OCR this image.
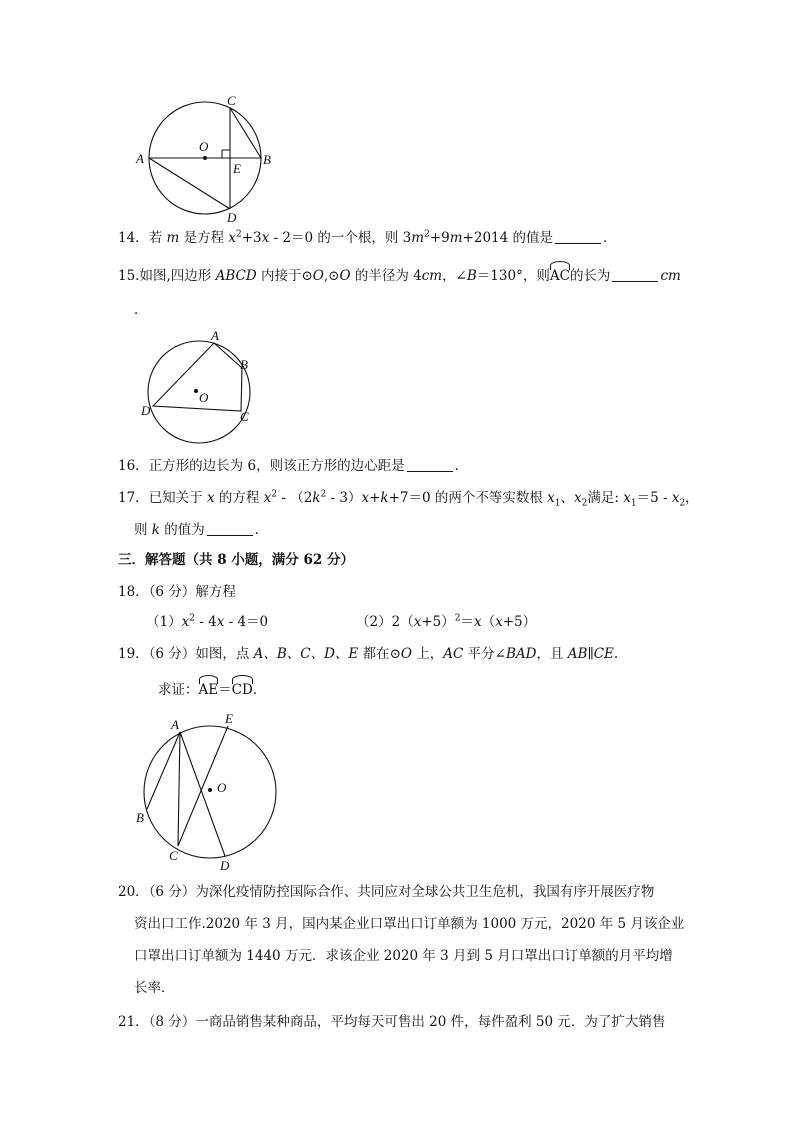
C
O
A	B
E
D
14．若 m 是方程 $x^2+3x - 2=0$ 的一个根，则 $3m^2+9m+2014$ 的值是	．
15.如图,四边形 ABCD 内接于⊙O,⊙O 的半径为 4cm，∠B＝130°，则AC的长为	cm
．
A
B
O
D	C
16．正方形的边长为 6，则该正方形的边心距是	．
17．已知关于 x 的方程 $x^2 - (2k^2 - 3)x+k+7=0$ 的两个不等实数根 $x_1$、$x_2$满足: $x_1=5 - x_2$，
则 k 的值为	．
三．解答题（共 8 小题，满分 62 分）
18．（6 分）解方程
$(1)x^2 - 4x - 4=0$	$(2)2(x+5)^2=x(x+5)$
19．（6 分）如图，点 A、B、C、D、E 都在⊙O 上，AC 平分∠BAD，且 AB∥CE.
求证：AE＝CD.
A	E
O
B
C
D
20．（6 分）为深化疫情防控国际合作、共同应对全球公共卫生危机，我国有序开展医疗物
资出口工作.2020 年 3 月，国内某企业口罩出口订单额为 1000 万元，2020 年 5 月该企业
口罩出口订单额为 1440 万元．求该企业 2020 年 3 月到 5 月口罩出口订单额的月平均增
长率．
21．（8 分）一商品销售某种商品，平均每天可售出 20 件，每件盈利 50 元．为了扩大销售
